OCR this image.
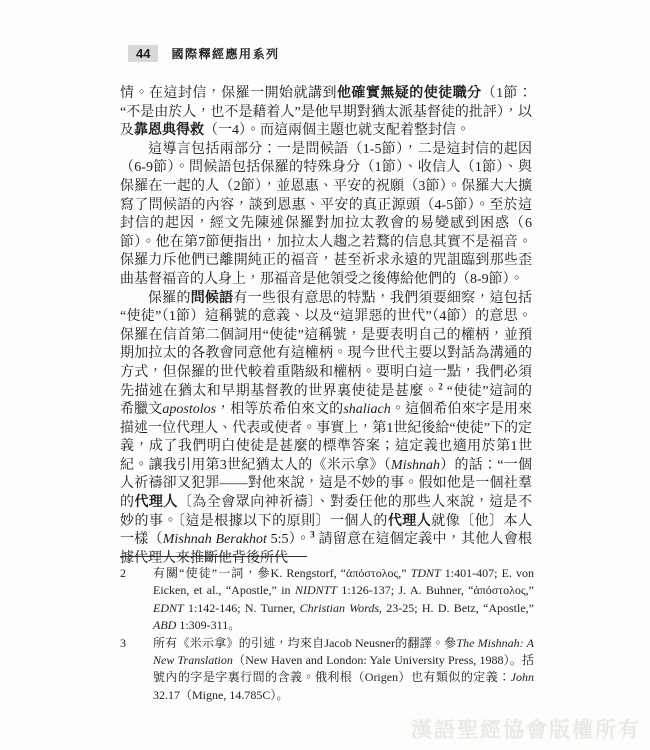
44	國際釋經應用系列

情。在這封信，保羅一開始就講到他確實無疑的使徒職分（1節：“不是由於人，也不是藉着人”是他早期對猶太派基督徒的批評），以及靠恩典得救（一4）。而這兩個主題也就支配着整封信。

這導言包括兩部分：一是問候語（1-5節），二是這封信的起因（6-9節）。問候語包括保羅的特殊身分（1節）、收信人（1節）、與保羅在一起的人（2節），並恩惠、平安的祝願（3節）。保羅大大擴寫了問候語的內容，談到恩惠、平安的真正源頭（4-5節）。至於這封信的起因，經文先陳述保羅對加拉太教會的易變感到困惑（6節）。他在第7節便指出，加拉太人趨之若鶩的信息其實不是福音。保羅力斥他們已離開純正的福音，甚至祈求永遠的咒詛臨到那些歪曲基督福音的人身上，那福音是他領受之後傳給他們的（8-9節）。

保羅的問候語有一些很有意思的特點，我們須要細察，這包括“使徒”（1節）這稱號的意義、以及“這罪惡的世代”（4節）的意思。保羅在信首第二個詞用“使徒”這稱號，是要表明自己的權柄，並預期加拉太的各教會同意他有這權柄。現今世代主要以對話為溝通的方式，但保羅的世代較着重階級和權柄。要明白這一點，我們必須先描述在猶太和早期基督教的世界裏使徒是甚麼。$^2$ “使徒”這詞的希臘文apostolos，相等於希伯來文的shaliach。這個希伯來字是用來描述一位代理人、代表或使者。事實上，第1世紀後給“使徒”下的定義，成了我們明白使徒是甚麼的標準答案；這定義也適用於第1世紀。讓我引用第3世紀猶太人的《米示拿》（Mishnah）的話：“一個人祈禱卻又犯罪——對他來說，這是不妙的事。假如他是一個社羣的代理人〔為全會眾向神祈禱〕、對委任他的那些人來說，這是不妙的事。〔這是根據以下的原則〕一個人的代理人就像〔他〕本人一樣（Mishnah Berakhot 5:5）。$^3$ 請留意在這個定義中，其他人會根據代理人來推斷他背後所代

2	有關“使徒”一詞，參K. Rengstorf, “ἀπόστολος,” TDNT 1:401-407; E. von Eicken, et al., “Apostle,” in NIDNTT 1:126-137; J. A. Buhner, “ἀπόστολος,” EDNT 1:142-146; N. Turner, Christian Words, 23-25; H. D. Betz, “Apostle,” ABD 1:309-311。
3	所有《米示拿》的引述，均來自Jacob Neusner的翻譯。參The Mishnah: A New Translation（New Haven and London: Yale University Press, 1988）。括號內的字是字裏行間的含義。俄利根（Origen）也有類似的定義：John 32.17（Migne, 14.785C）。
漢語聖經協會版權所有
